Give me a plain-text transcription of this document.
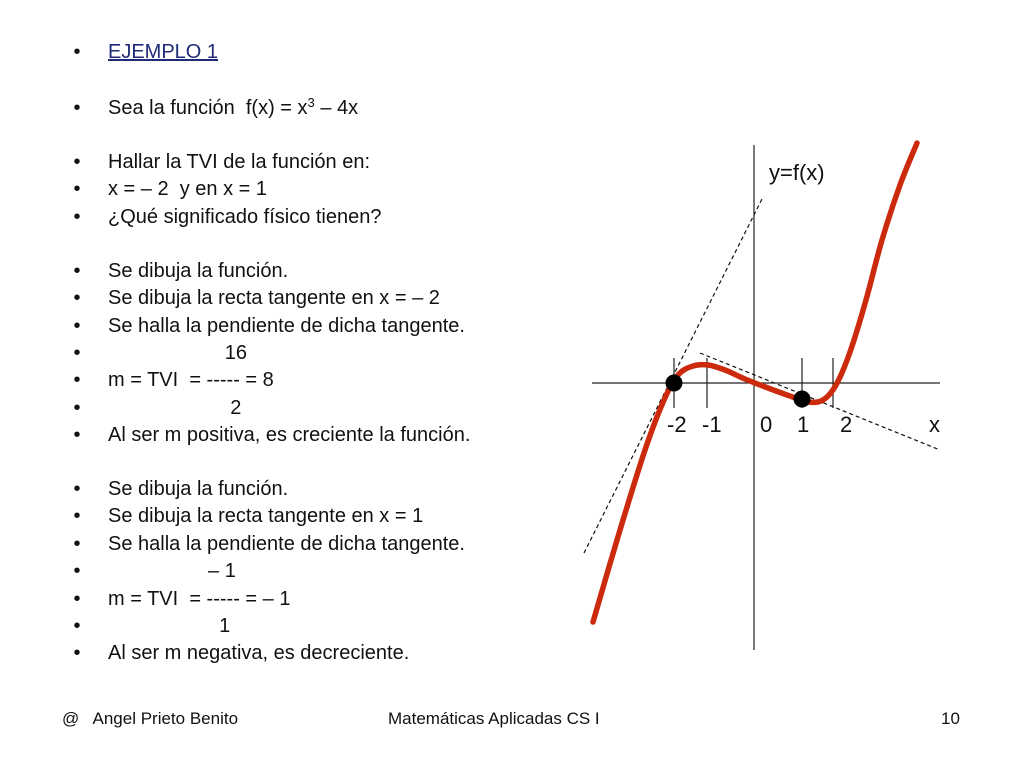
• EJEMPLO 1
• Sea la función  $f(x) = x^3 - 4x$
• Hallar la TVI de la función en:
• x = – 2  y en x = 1
• ¿Qué significado físico tienen?
• Se dibuja la función.
• Se dibuja la recta tangente en x = – 2
• Se halla la pendiente de dicha tangente.
• 16
• m = TVI  = ----- = 8
• 2
• Al ser m positiva, es creciente la función.
• Se dibuja la función.
• Se dibuja la recta tangente en x = 1
• Se halla la pendiente de dicha tangente.
• – 1
• m = TVI  = ----- = – 1
• 1
• Al ser m negativa, es decreciente.
y=f(x)
x
-2 -1 0 1 2
@   Angel Prieto Benito	Matemáticas Aplicadas CS I	10
